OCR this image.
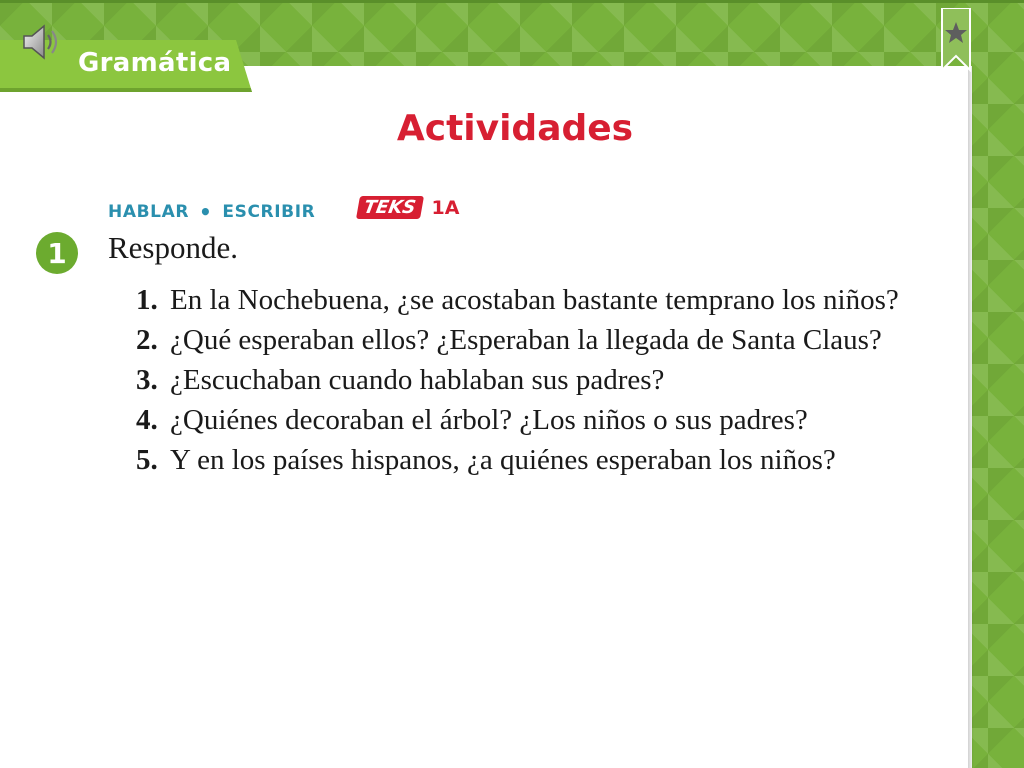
Gramática
Actividades
HABLAR • ESCRIBIR	TEKS 1A
1	Responde.
1. En la Nochebuena, ¿se acostaban bastante temprano los niños?
2. ¿Qué esperaban ellos? ¿Esperaban la llegada de Santa Claus?
3. ¿Escuchaban cuando hablaban sus padres?
4. ¿Quiénes decoraban el árbol? ¿Los niños o sus padres?
5. Y en los países hispanos, ¿a quiénes esperaban los niños?
